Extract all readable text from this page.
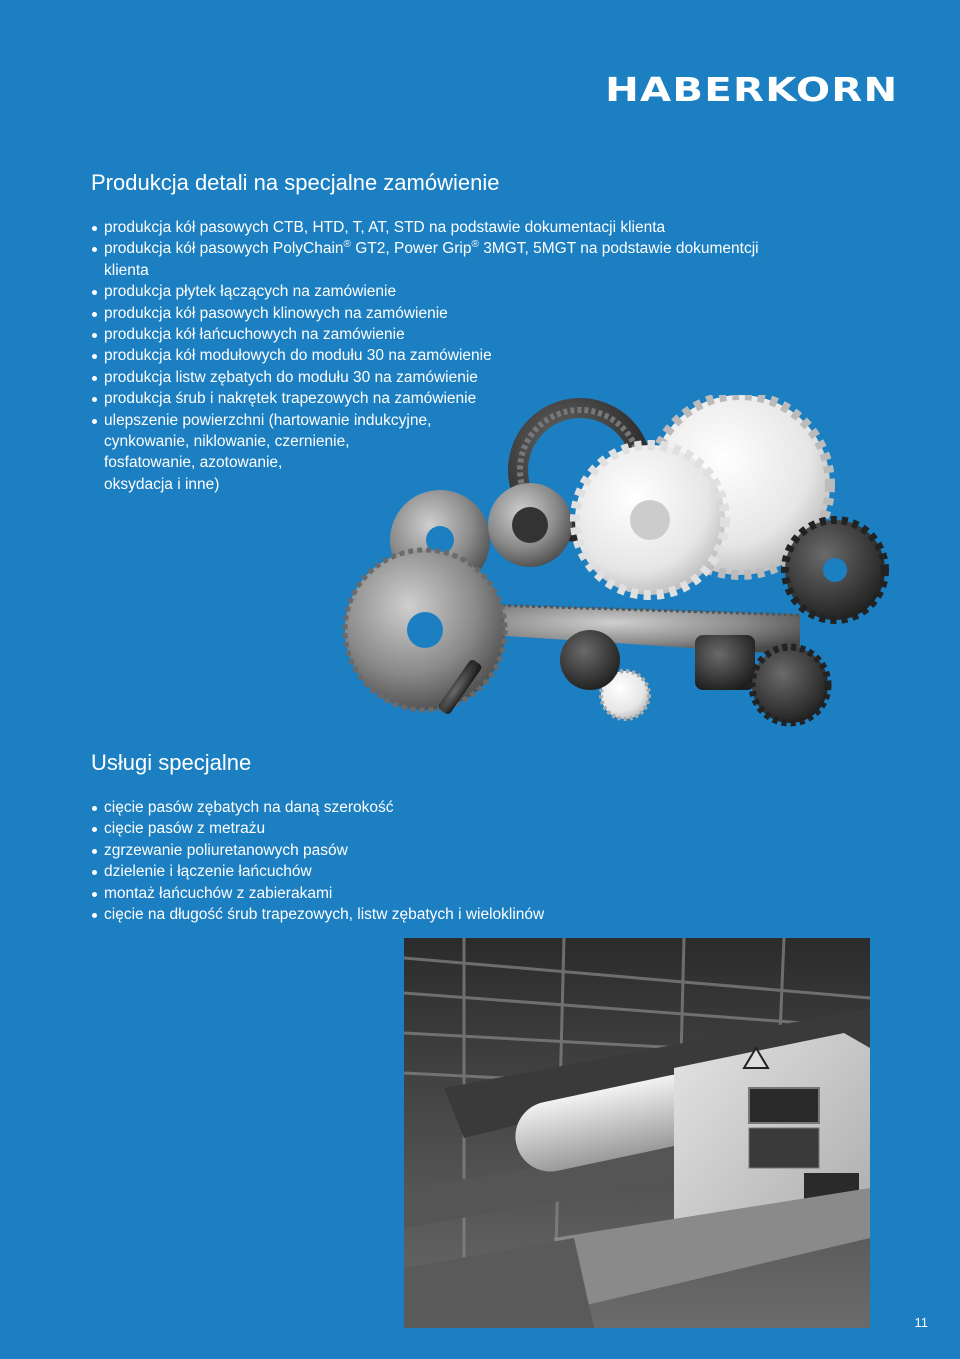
HABERKORN
Produkcja detali na specjalne zamówienie
produkcja kół pasowych CTB, HTD, T, AT, STD na podstawie dokumentacji klienta
produkcja kół pasowych PolyChain® GT2, Power Grip® 3MGT, 5MGT na podstawie dokumentcji
klienta
produkcja płytek łączących na zamówienie
produkcja kół pasowych klinowych na zamówienie
produkcja kół łańcuchowych na zamówienie
produkcja kół modułowych do modułu 30 na zamówienie
produkcja listw zębatych do modułu 30 na zamówienie
produkcja śrub i nakrętek trapezowych na zamówienie
ulepszenie powierzchni (hartowanie indukcyjne,
cynkowanie, niklowanie, czernienie,
fosfatowanie, azotowanie,
oksydacja i inne)
Usługi specjalne
cięcie pasów zębatych na daną szerokość
cięcie pasów z metrażu
zgrzewanie poliuretanowych pasów
dzielenie i łączenie łańcuchów
montaż łańcuchów z zabierakami
cięcie na długość śrub trapezowych, listw zębatych i wieloklinów
11
